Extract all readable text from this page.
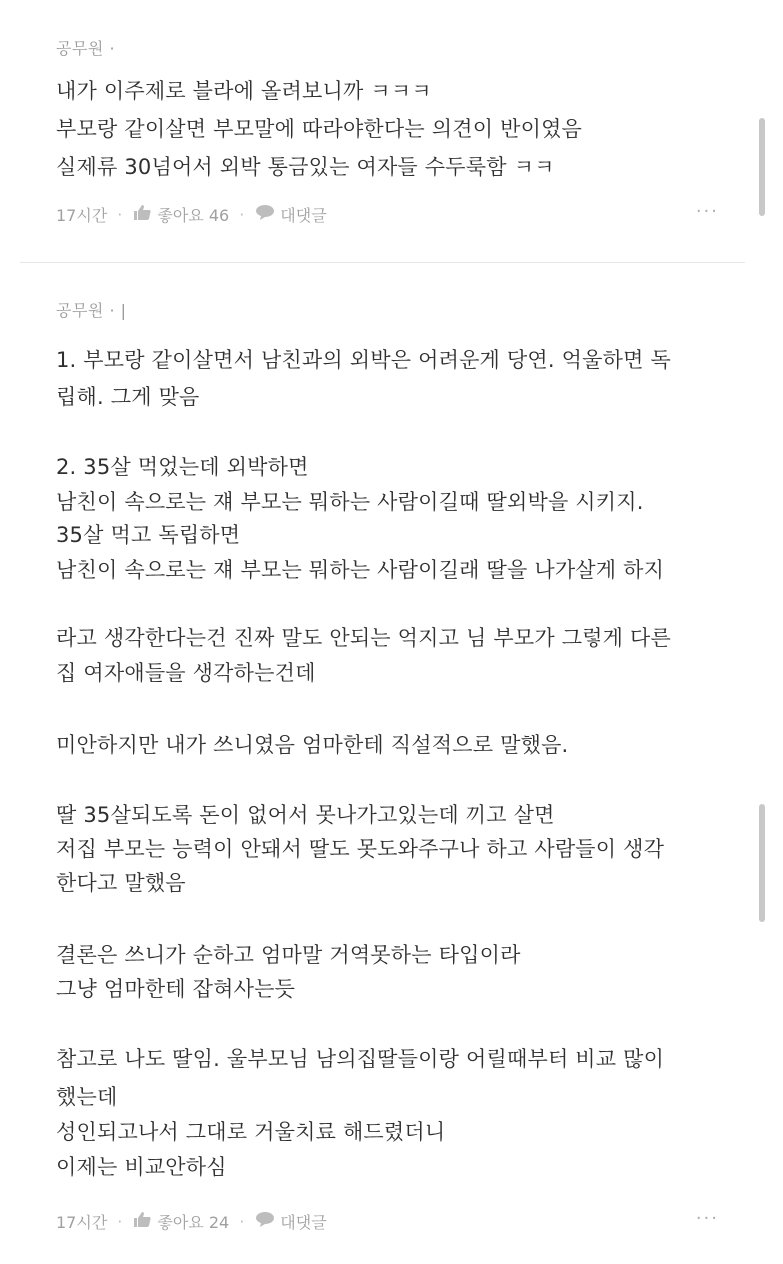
공무원 ·
내가 이주제로 블라에 올려보니까 ㅋㅋㅋ
부모랑 같이살면 부모말에 따라야한다는 의견이 반이였음
실제류 30넘어서 외박 통금있는 여자들 수두룩함 ㅋㅋ
17시간 · 좋아요 46 · 대댓글	···
공무원 · |
1. 부모랑 같이살면서 남친과의 외박은 어려운게 당연. 억울하면 독
립해. 그게 맞음
2. 35살 먹었는데 외박하면
남친이 속으로는 쟤 부모는 뭐하는 사람이길때 딸외박을 시키지.
35살 먹고 독립하면
남친이 속으로는 쟤 부모는 뭐하는 사람이길래 딸을 나가살게 하지
라고 생각한다는건 진짜 말도 안되는 억지고 님 부모가 그렇게 다른
집 여자애들을 생각하는건데
미안하지만 내가 쓰니였음 엄마한테 직설적으로 말했음.
딸 35살되도록 돈이 없어서 못나가고있는데 끼고 살면
저집 부모는 능력이 안돼서 딸도 못도와주구나 하고 사람들이 생각
한다고 말했음
결론은 쓰니가 순하고 엄마말 거역못하는 타입이라
그냥 엄마한테 잡혀사는듯
참고로 나도 딸임. 울부모님 남의집딸들이랑 어릴때부터 비교 많이
했는데
성인되고나서 그대로 거울치료 해드렸더니
이제는 비교안하심
17시간 · 좋아요 24 · 대댓글	···
